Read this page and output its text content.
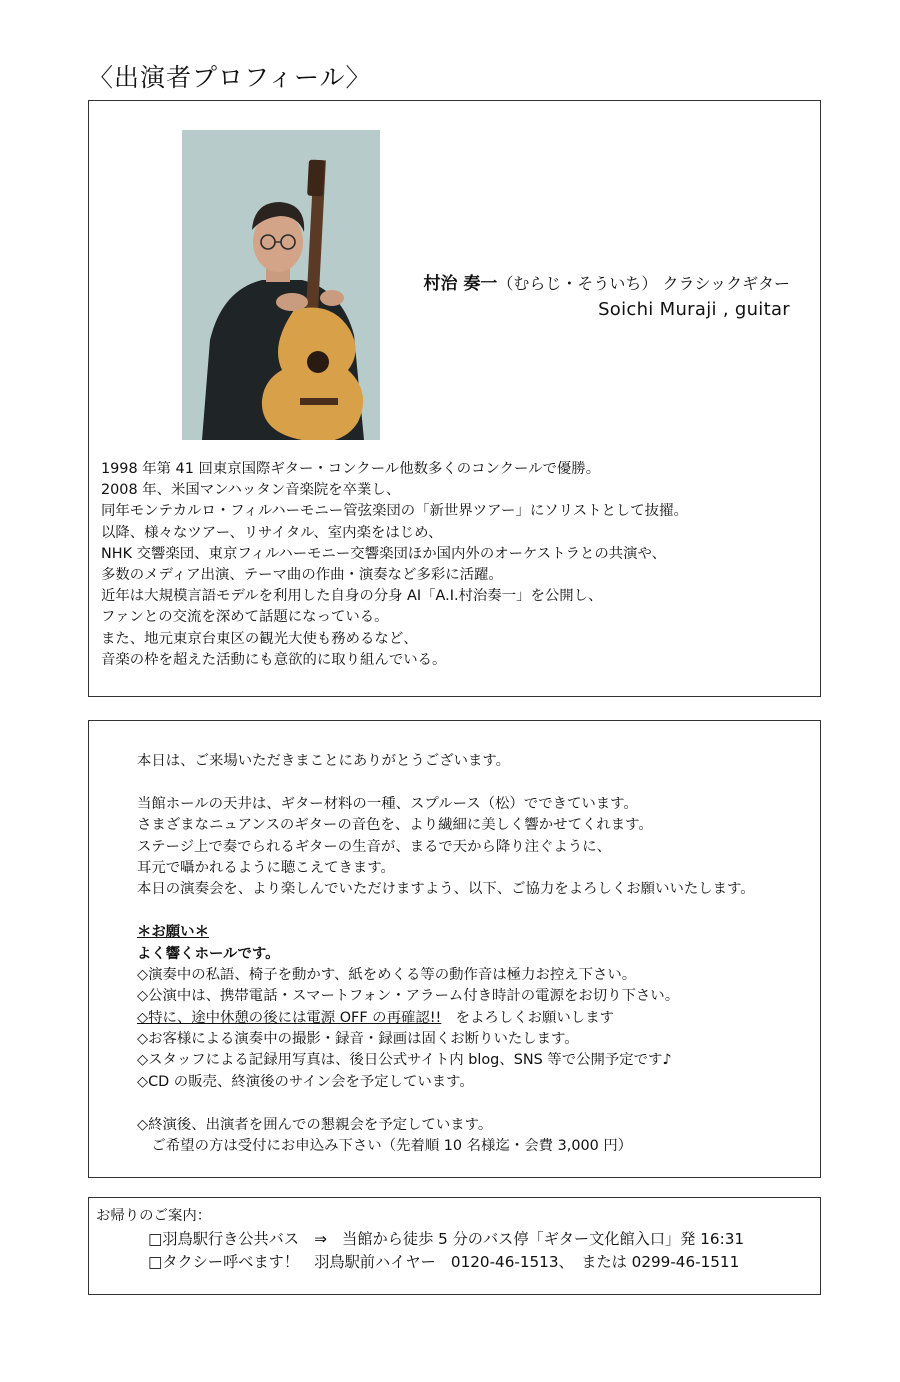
〈出演者プロフィール〉
村治 奏一（むらじ・そういち） クラシックギター
Soichi Muraji , guitar
1998 年第 41 回東京国際ギター・コンクール他数多くのコンクールで優勝。
2008 年、米国マンハッタン音楽院を卒業し、
同年モンテカルロ・フィルハーモニー管弦楽団の「新世界ツアー」にソリストとして抜擢。
以降、様々なツアー、リサイタル、室内楽をはじめ、
NHK 交響楽団、東京フィルハーモニー交響楽団ほか国内外のオーケストラとの共演や、
多数のメディア出演、テーマ曲の作曲・演奏など多彩に活躍。
近年は大規模言語モデルを利用した自身の分身 AI「A.I.村治奏一」を公開し、
ファンとの交流を深めて話題になっている。
また、地元東京台東区の観光大使も務めるなど、
音楽の枠を超えた活動にも意欲的に取り組んでいる。
本日は、ご来場いただきまことにありがとうございます。
当館ホールの天井は、ギター材料の一種、スプルース（松）でできています。
さまざまなニュアンスのギターの音色を、より繊細に美しく響かせてくれます。
ステージ上で奏でられるギターの生音が、まるで天から降り注ぐように、
耳元で囁かれるように聴こえてきます。
本日の演奏会を、より楽しんでいただけますよう、以下、ご協力をよろしくお願いいたします。
＊お願い＊
よく響くホールです。
◇演奏中の私語、椅子を動かす、紙をめくる等の動作音は極力お控え下さい。
◇公演中は、携帯電話・スマートフォン・アラーム付き時計の電源をお切り下さい。
◇特に、途中休憩の後には電源 OFF の再確認!!　をよろしくお願いします
◇お客様による演奏中の撮影・録音・録画は固くお断りいたします。
◇スタッフによる記録用写真は、後日公式サイト内 blog、SNS 等で公開予定です♪
◇CD の販売、終演後のサイン会を予定しています。
◇終演後、出演者を囲んでの懇親会を予定しています。
　ご希望の方は受付にお申込み下さい（先着順 10 名様迄・会費 3,000 円）
お帰りのご案内：
□羽鳥駅行き公共バス　⇒　当館から徒歩 5 分のバス停「ギター文化館入口」発 16:31
□タクシー呼べます！　羽鳥駅前ハイヤー　0120-46-1513、　または 0299-46-1511
